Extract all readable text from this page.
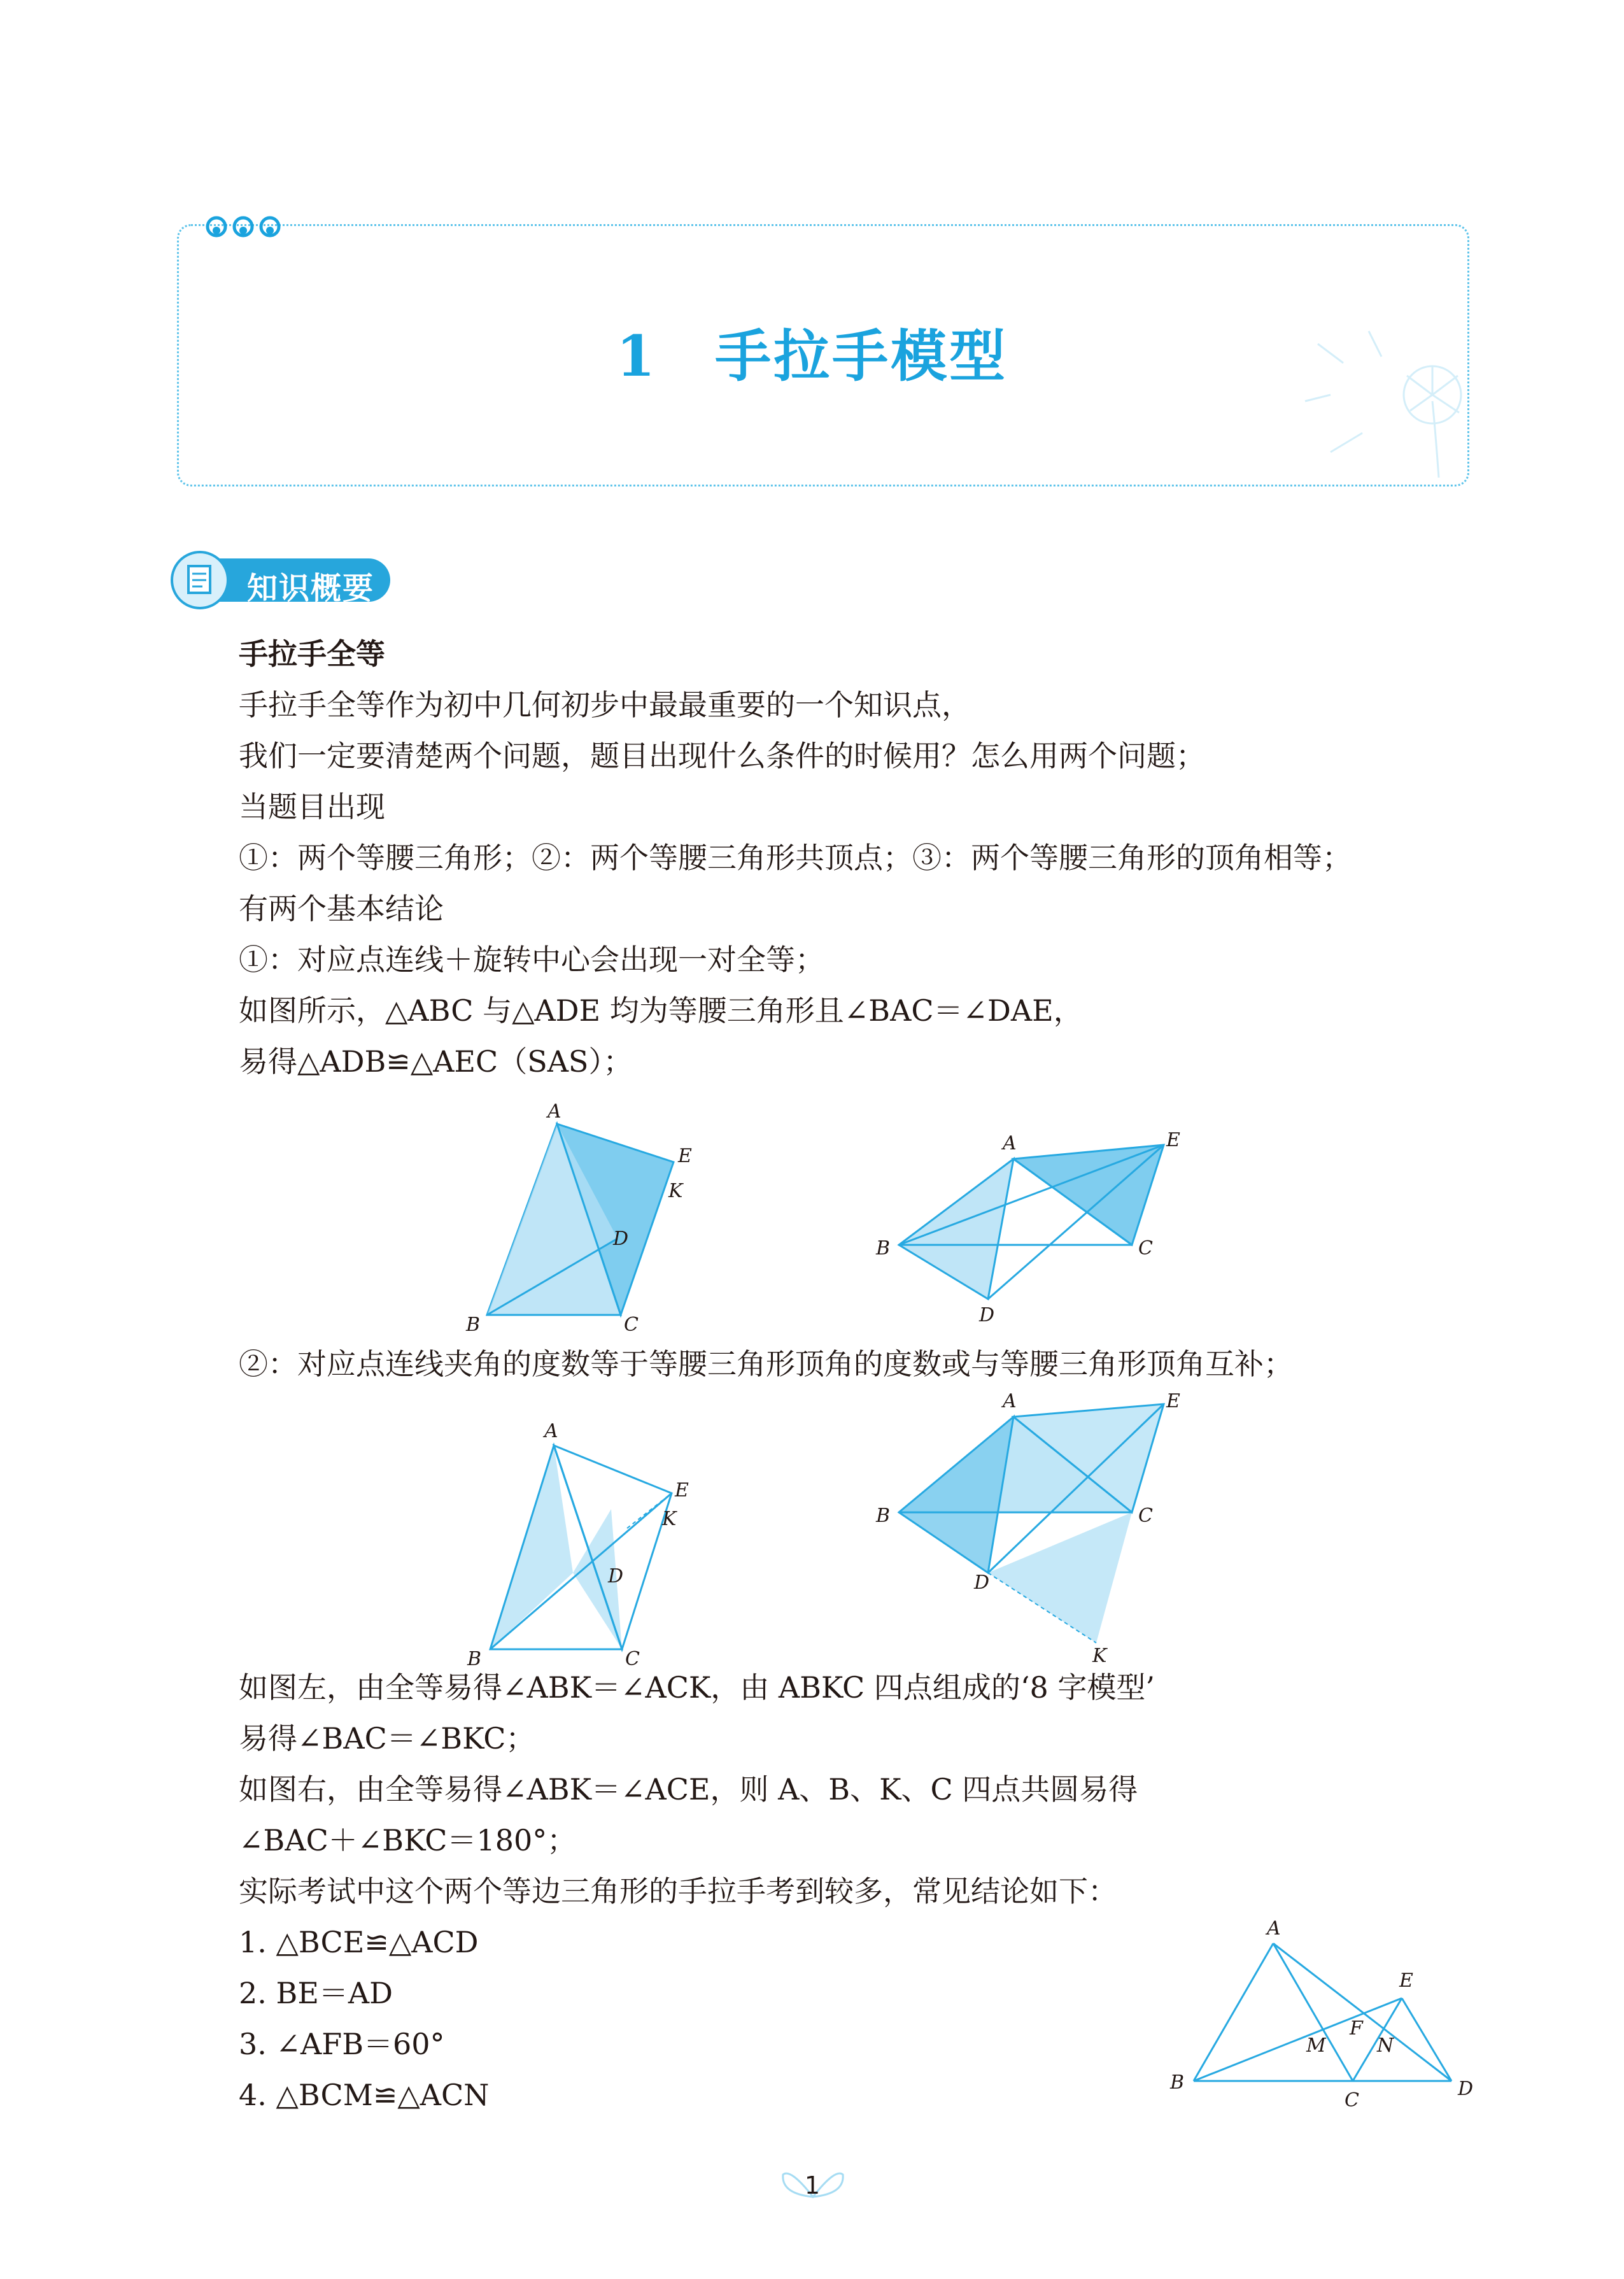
1 手拉手模型
知识概要
手拉手全等
手拉手全等作为初中几何初步中最最重要的一个知识点，
我们一定要清楚两个问题，题目出现什么条件的时候用？怎么用两个问题；
当题目出现
①：两个等腰三角形；②：两个等腰三角形共顶点；③：两个等腰三角形的顶角相等；
有两个基本结论
①：对应点连线＋旋转中心会出现一对全等；
如图所示，△ABC 与△ADE 均为等腰三角形且∠BAC＝∠DAE，
易得△ADB≌△AEC（SAS）；
A
E
K
D
B	C
A	E
B	C
D
②：对应点连线夹角的度数等于等腰三角形顶角的度数或与等腰三角形顶角互补；
A
E
K
D
B	C
A	E
B	C
D
K
如图左，由全等易得∠ABK＝∠ACK，由 ABKC 四点组成的‘8 字模型’
易得∠BAC＝∠BKC；
如图右，由全等易得∠ABK＝∠ACE，则 A、B、K、C 四点共圆易得
∠BAC＋∠BKC＝180°；
实际考试中这个两个等边三角形的手拉手考到较多，常见结论如下：
1. △BCE≌△ACD
2. BE＝AD
3. ∠AFB＝60°
4. △BCM≌△ACN
A
E
F
M	N
B
C
D
1
